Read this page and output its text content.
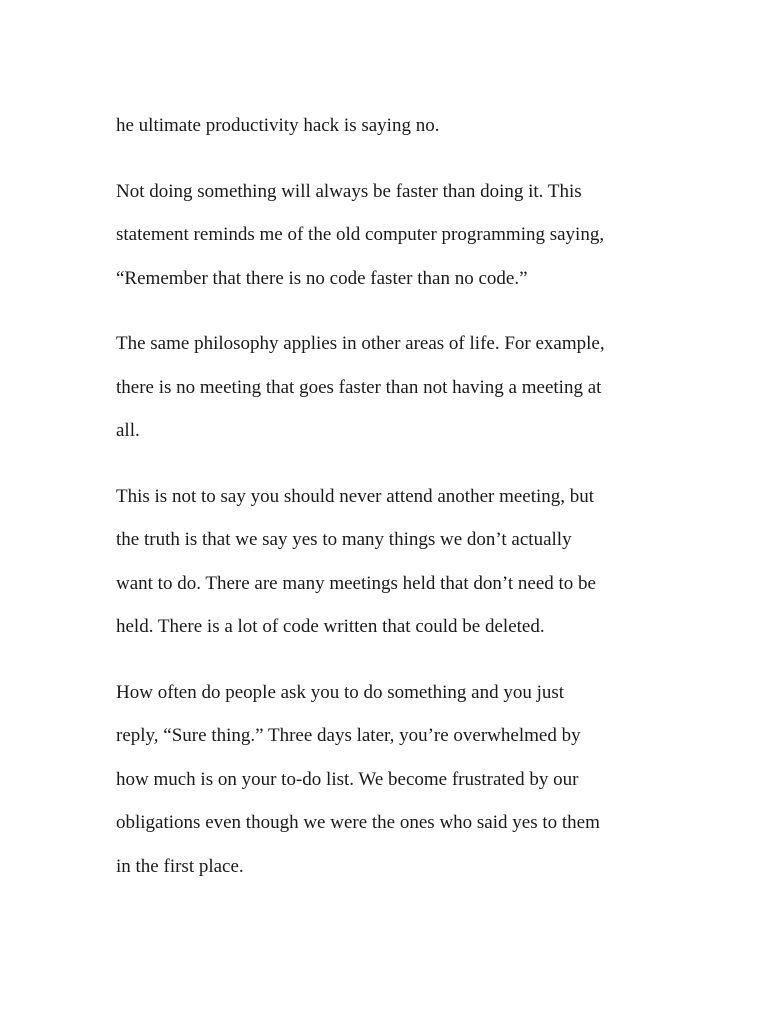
he ultimate productivity hack is saying no.

Not doing something will always be faster than doing it. This
statement reminds me of the old computer programming saying,
“Remember that there is no code faster than no code.”

The same philosophy applies in other areas of life. For example,
there is no meeting that goes faster than not having a meeting at
all.

This is not to say you should never attend another meeting, but
the truth is that we say yes to many things we don’t actually
want to do. There are many meetings held that don’t need to be
held. There is a lot of code written that could be deleted.

How often do people ask you to do something and you just
reply, “Sure thing.” Three days later, you’re overwhelmed by
how much is on your to-do list. We become frustrated by our
obligations even though we were the ones who said yes to them
in the first place.
